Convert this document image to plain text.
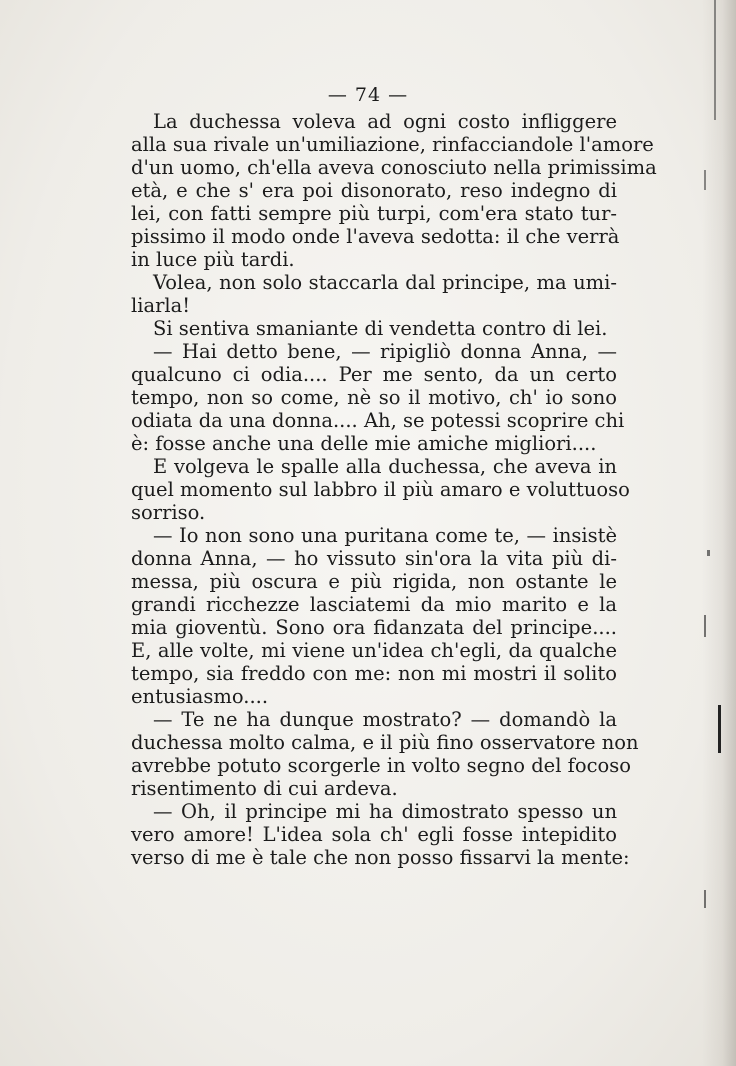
— 74 —
La duchessa voleva ad ogni costo infliggere
alla sua rivale un'umiliazione, rinfacciandole l'amore
d'un uomo, ch'ella aveva conosciuto nella primissima
età, e che s' era poi disonorato, reso indegno di
lei, con fatti sempre più turpi, com'era stato tur-
pissimo il modo onde l'aveva sedotta: il che verrà
in luce più tardi.
Volea, non solo staccarla dal principe, ma umi-
liarla!
Si sentiva smaniante di vendetta contro di lei.
— Hai detto bene, — ripigliò donna Anna, —
qualcuno ci odia.... Per me sento, da un certo
tempo, non so come, nè so il motivo, ch' io sono
odiata da una donna.... Ah, se potessi scoprire chi
è: fosse anche una delle mie amiche migliori....
E volgeva le spalle alla duchessa, che aveva in
quel momento sul labbro il più amaro e voluttuoso
sorriso.
— Io non sono una puritana come te, — insistè
donna Anna, — ho vissuto sin'ora la vita più di-
messa, più oscura e più rigida, non ostante le
grandi ricchezze lasciatemi da mio marito e la
mia gioventù. Sono ora fidanzata del principe....
E, alle volte, mi viene un'idea ch'egli, da qualche
tempo, sia freddo con me: non mi mostri il solito
entusiasmo....
— Te ne ha dunque mostrato? — domandò la
duchessa molto calma, e il più fino osservatore non
avrebbe potuto scorgerle in volto segno del focoso
risentimento di cui ardeva.
— Oh, il principe mi ha dimostrato spesso un
vero amore! L'idea sola ch' egli fosse intepidito
verso di me è tale che non posso fissarvi la mente:
